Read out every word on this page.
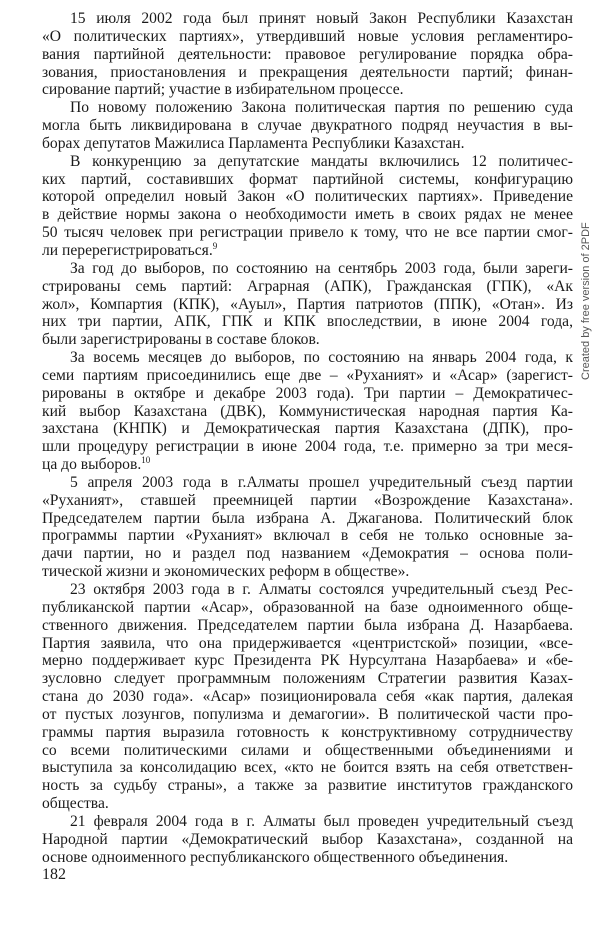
15 июля 2002 года был принят новый Закон Республики Казахстан
«О политических партиях», утвердивший новые условия регламентиро-
вания партийной деятельности: правовое регулирование порядка обра-
зования, приостановления и прекращения деятельности партий; финан-
сирование партий; участие в избирательном процессе.
По новому положению Закона политическая партия по решению суда
могла быть ликвидирована в случае двукратного подряд неучастия в вы-
борах депутатов Мажилиса Парламента Республики Казахстан.
В конкуренцию за депутатские мандаты включились 12 политичес-
ких партий, составивших формат партийной системы, конфигурацию
которой определил новый Закон «О политических партиях». Приведение
в действие нормы закона о необходимости иметь в своих рядах не менее
50 тысяч человек при регистрации привело к тому, что не все партии смог-
ли перерегистрироваться.$^9$
За год до выборов, по состоянию на сентябрь 2003 года, были зареги-
стрированы семь партий: Аграрная (АПК), Гражданская (ГПК), «Ак
жол», Компартия (КПК), «Ауыл», Партия патриотов (ППК), «Отан». Из
них три партии, АПК, ГПК и КПК впоследствии, в июне 2004 года,
были зарегистрированы в составе блоков.
За восемь месяцев до выборов, по состоянию на январь 2004 года, к
семи партиям присоединились еще две – «Руханият» и «Асар» (зарегист-
рированы в октябре и декабре 2003 года). Три партии – Демократичес-
кий выбор Казахстана (ДВК), Коммунистическая народная партия Ка-
захстана (КНПК) и Демократическая партия Казахстана (ДПК), про-
шли процедуру регистрации в июне 2004 года, т.е. примерно за три меся-
ца до выборов.$^{10}$
5 апреля 2003 года в г.Алматы прошел учредительный съезд партии
«Руханият», ставшей преемницей партии «Возрождение Казахстана».
Председателем партии была избрана А. Джаганова. Политический блок
программы партии «Руханият» включал в себя не только основные за-
дачи партии, но и раздел под названием «Демократия – основа поли-
тической жизни и экономических реформ в обществе».
23 октября 2003 года в г. Алматы состоялся учредительный съезд Рес-
публиканской партии «Асар», образованной на базе одноименного обще-
ственного движения. Председателем партии была избрана Д. Назарбаева.
Партия заявила, что она придерживается «центристской» позиции, «все-
мерно поддерживает курс Президента РК Нурсултана Назарбаева» и «бе-
зусловно следует программным положениям Стратегии развития Казах-
стана до 2030 года». «Асар» позиционировала себя «как партия, далекая
от пустых лозунгов, популизма и демагогии». В политической части про-
граммы партия выразила готовность к конструктивному сотрудничеству
со всеми политическими силами и общественными объединениями и
выступила за консолидацию всех, «кто не боится взять на себя ответствен-
ность за судьбу страны», а также за развитие институтов гражданского
общества.
21 февраля 2004 года в г. Алматы был проведен учредительный съезд
Народной партии «Демократический выбор Казахстана», созданной на
основе одноименного республиканского общественного объединения.
182
Created by free version of 2PDF
